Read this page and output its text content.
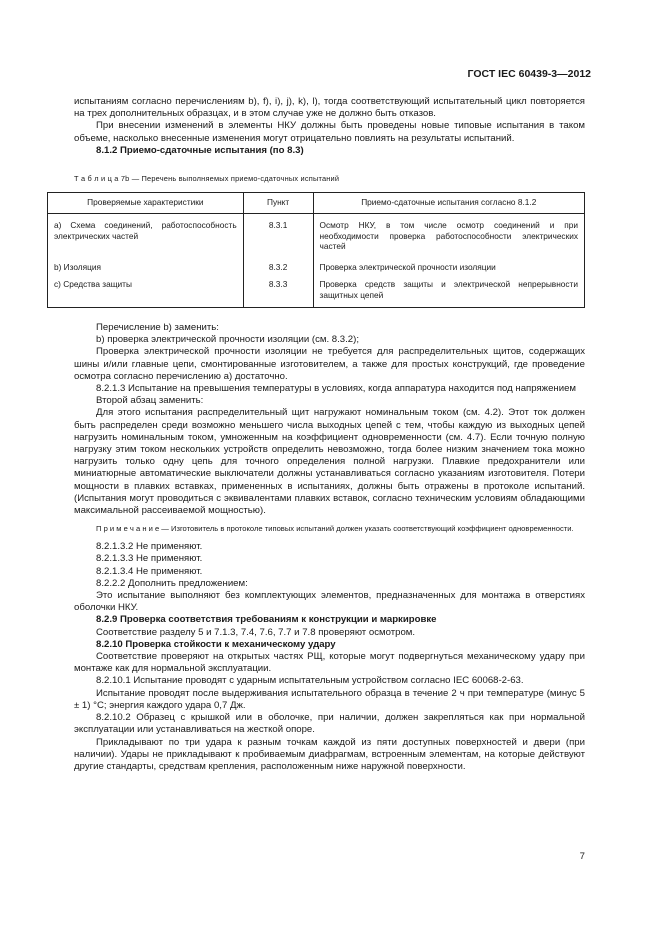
ГОСТ IEC 60439-3—2012

испытаниям согласно перечислениям b), f), i), j), k), l), тогда соответствующий испытательный цикл повторяется на трех дополнительных образцах, и в этом случае уже не должно быть отказов.

При внесении изменений в элементы НКУ должны быть проведены новые типовые испытания в таком объеме, насколько внесенные изменения могут отрицательно повлиять на результаты испытаний.

8.1.2 Приемо-сдаточные испытания (по 8.3)

Т а б л и ц а 7b — Перечень выполняемых приемо-сдаточных испытаний
Проверяемые характеристики	Пункт	Приемо-сдаточные испытания согласно 8.1.2
a) Схема соединений, работоспособность электрических частей	8.3.1	Осмотр НКУ, в том числе осмотр соединений и при необходимости проверка работоспособности электрических частей
b) Изоляция	8.3.2	Проверка электрической прочности изоляции
c) Средства защиты	8.3.3	Проверка средств защиты и электрической непрерывности защитных цепей

Перечисление b) заменить:

b) проверка электрической прочности изоляции (см. 8.3.2);

Проверка электрической прочности изоляции не требуется для распределительных щитов, содержащих шины и/или главные цепи, смонтированные изготовителем, а также для простых конструкций, где проведение осмотра согласно перечислению а) достаточно.

8.2.1.3 Испытание на превышения температуры в условиях, когда аппаратура находится под напряжением

Второй абзац заменить:

Для этого испытания распределительный щит нагружают номинальным током (см. 4.2). Этот ток должен быть распределен среди возможно меньшего числа выходных цепей с тем, чтобы каждую из выходных цепей нагрузить номинальным током, умноженным на коэффициент одновременности (см. 4.7). Если точную полную нагрузку этим током нескольких устройств определить невозможно, тогда более низким значением тока можно нагрузить только одну цепь для точного определения полной нагрузки. Плавкие предохранители или миниатюрные автоматические выключатели должны устанавливаться согласно указаниям изготовителя. Потери мощности в плавких вставках, примененных в испытаниях, должны быть отражены в протоколе испытаний. (Испытания могут проводиться с эквивалентами плавких вставок, согласно техническим условиям обладающими максимальной рассеиваемой мощностью).

П р и м е ч а н и е — Изготовитель в протоколе типовых испытаний должен указать соответствующий коэффициент одновременности.

8.2.1.3.2 Не применяют.

8.2.1.3.3 Не применяют.

8.2.1.3.4 Не применяют.

8.2.2.2 Дополнить предложением:

Это испытание выполняют без комплектующих элементов, предназначенных для монтажа в отверстиях оболочки НКУ.

8.2.9 Проверка соответствия требованиям к конструкции и маркировке

Соответствие разделу 5 и 7.1.3, 7.4, 7.6, 7.7 и 7.8 проверяют осмотром.

8.2.10 Проверка стойкости к механическому удару

Соответствие проверяют на открытых частях РЩ, которые могут подвергнуться механическому удару при монтаже как для нормальной эксплуатации.

8.2.10.1 Испытание проводят с ударным испытательным устройством согласно IEC 60068-2-63.

Испытание проводят после выдерживания испытательного образца в течение 2 ч при температуре (минус 5 ± 1) °С; энергия каждого удара 0,7 Дж.

8.2.10.2 Образец с крышкой или в оболочке, при наличии, должен закрепляться как при нормальной эксплуатации или устанавливаться на жесткой опоре.

Прикладывают по три удара к разным точкам каждой из пяти доступных поверхностей и двери (при наличии). Удары не прикладывают к пробиваемым диафрагмам, встроенным элементам, на которые действуют другие стандарты, средствам крепления, расположенным ниже наружной поверхности.

7
